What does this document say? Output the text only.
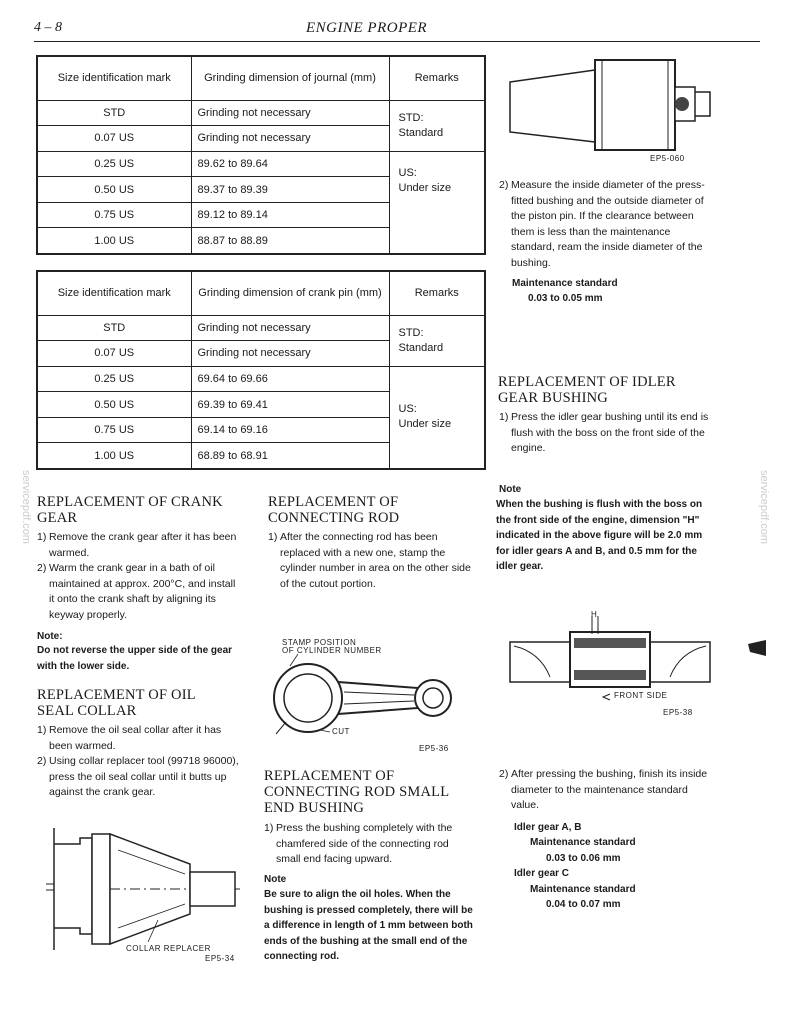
4 – 8	ENGINE PROPER
Size identification mark	Grinding dimension of journal (mm)	Remarks
STD	Grinding not necessary	STD:
Standard

0.07 US	Grinding not necessary	
0.25 US	89.62 to 89.64	US:
Under size

0.50 US	89.37 to 89.39	
0.75 US	89.12 to 89.14	
1.00 US	88.87 to 88.89	
Size identification mark	Grinding dimension of crank pin (mm)	Remarks
STD	Grinding not necessary	STD:
Standard

0.07 US	Grinding not necessary	
0.25 US	69.64 to 69.66	US:
Under size

0.50 US	69.39 to 69.41	
0.75 US	69.14 to 69.16	
1.00 US	68.89 to 68.91	
EP5-060
2) Measure the inside diameter of the press-fitted bushing and the outside diameter of the piston pin. If the clearance between them is less than the maintenance standard, ream the inside diameter of the bushing.
Maintenance standard
0.03 to 0.05 mm
REPLACEMENT OF IDLER
GEAR BUSHING
1) Press the idler gear bushing until its end is flush with the boss on the front side of the engine.
Note
When the bushing is flush with the boss on the front side of the engine, dimension "H" indicated in the above figure will be 2.0 mm for idler gears A and B, and 0.5 mm for the idler gear.
H
FRONT SIDE
EP5-38
2) After pressing the bushing, finish its inside diameter to the maintenance standard value.
Idler gear A, B
Maintenance standard
0.03 to 0.06 mm
Idler gear C
Maintenance standard
0.04 to 0.07 mm
REPLACEMENT OF CRANK
GEAR
1) Remove the crank gear after it has been warmed.
2) Warm the crank gear in a bath of oil maintained at approx. 200°C, and install it onto the crank shaft by aligning its keyway properly.
Note:
Do not reverse the upper side of the gear with the lower side.
REPLACEMENT OF OIL
SEAL COLLAR
1) Remove the oil seal collar after it has been warmed.
2) Using collar replacer tool (99718 96000), press the oil seal collar until it butts up against the crank gear.
COLLAR REPLACER
EP5-34
REPLACEMENT OF
CONNECTING ROD
1) After the connecting rod has been replaced with a new one, stamp the cylinder number in area on the other side of the cutout portion.
STAMP POSITION
OF CYLINDER NUMBER
CUT
EP5-36
REPLACEMENT OF
CONNECTING ROD SMALL
END BUSHING
1) Press the bushing completely with the chamfered side of the connecting rod small end facing upward.
Note
Be sure to align the oil holes. When the bushing is pressed completely, there will be a difference in length of 1 mm between both ends of the bushing at the small end of the connecting rod.
servicepdf.com
servicepdf.com
